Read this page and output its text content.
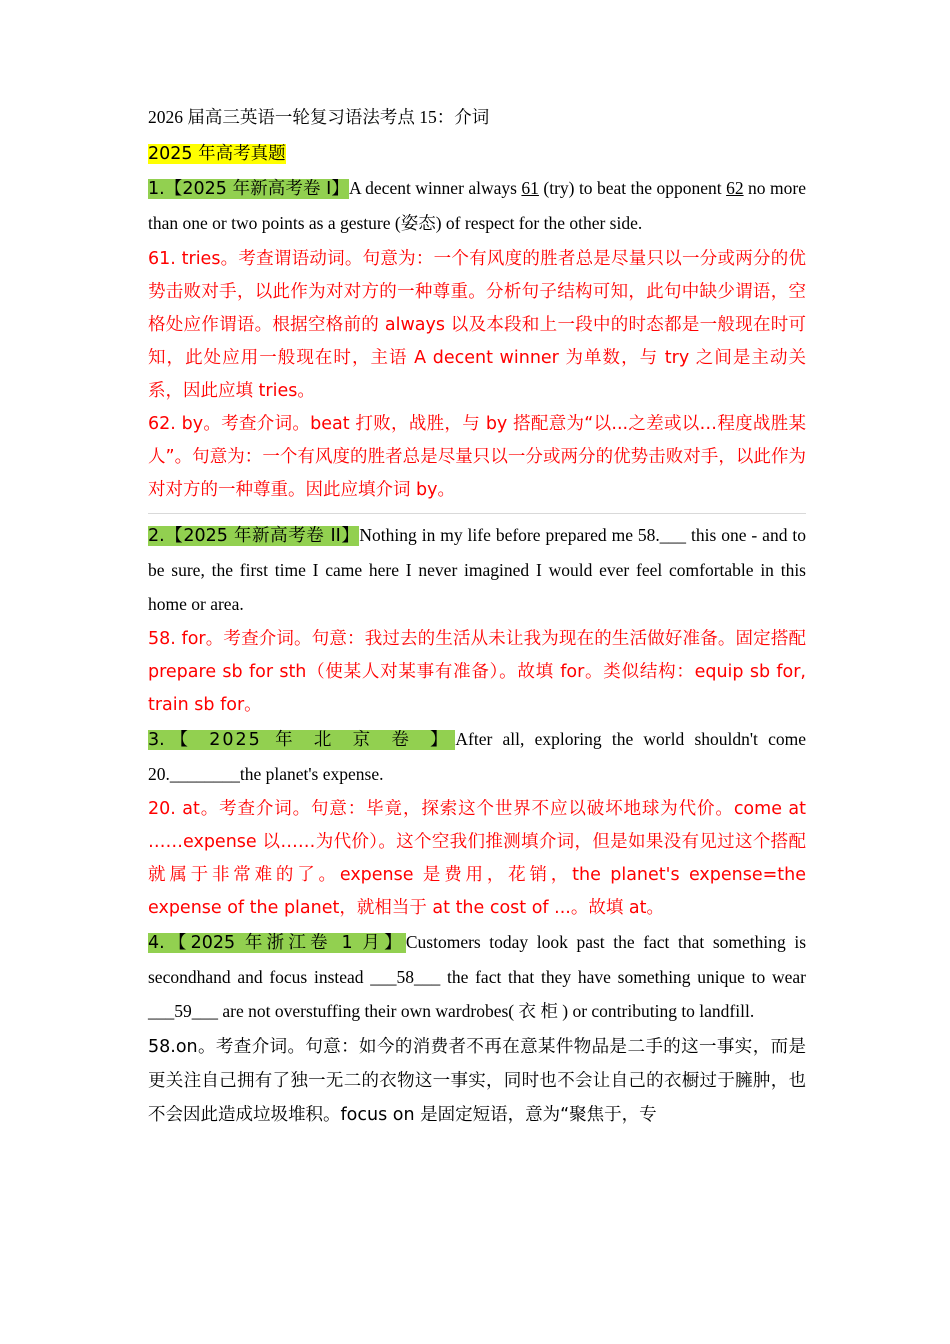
2026 届高三英语一轮复习语法考点 15：介词

2025 年高考真题

1.【2025 年新高考卷 I】A decent winner always 61 (try) to beat the opponent 62 no more than one or two points as a gesture (姿态) of respect for the other side.

61. tries。考查谓语动词。句意为：一个有风度的胜者总是尽量只以一分或两分的优势击败对手，以此作为对对方的一种尊重。分析句子结构可知，此句中缺少谓语，空格处应作谓语。根据空格前的 always 以及本段和上一段中的时态都是一般现在时可知，此处应用一般现在时，主语 A decent winner 为单数，与 try 之间是主动关系，因此应填 tries。

62. by。考查介词。beat 打败，战胜，与 by 搭配意为“以...之差或以…程度战胜某人”。句意为：一个有风度的胜者总是尽量只以一分或两分的优势击败对手，以此作为对对方的一种尊重。因此应填介词 by。

2.【2025 年新高考卷 II】Nothing in my life before prepared me 58.___ this one - and to be sure, the first time I came here I never imagined I would ever feel comfortable in this home or area.

58. for。考查介词。句意：我过去的生活从未让我为现在的生活做好准备。固定搭配 prepare sb for sth（使某人对某事有准备）。故填 for。类似结构：equip sb for, train sb for。

3.【 2025 年 北 京 卷 】After all, exploring the world shouldn't come 20.________the planet's expense.

20. at。考查介词。句意：毕竟，探索这个世界不应以破坏地球为代价。come at ……expense 以……为代价）。这个空我们推测填介词，但是如果没有见过这个搭配就属于非常难的了。expense 是费用，花销，the planet's expense=the expense of the planet，就相当于 at the cost of ...。故填 at。

4.【2025 年浙江卷 1 月】Customers today look past the fact that something is secondhand and focus instead ___58___ the fact that they have something unique to wear ___59___ are not overstuffing their own wardrobes( 衣 柜 ) or contributing to landfill.

58.on。考查介词。句意：如今的消费者不再在意某件物品是二手的这一事实，而是更关注自己拥有了独一无二的衣物这一事实，同时也不会让自己的衣橱过于臃肿，也不会因此造成垃圾堆积。focus on 是固定短语，意为“聚焦于，专
